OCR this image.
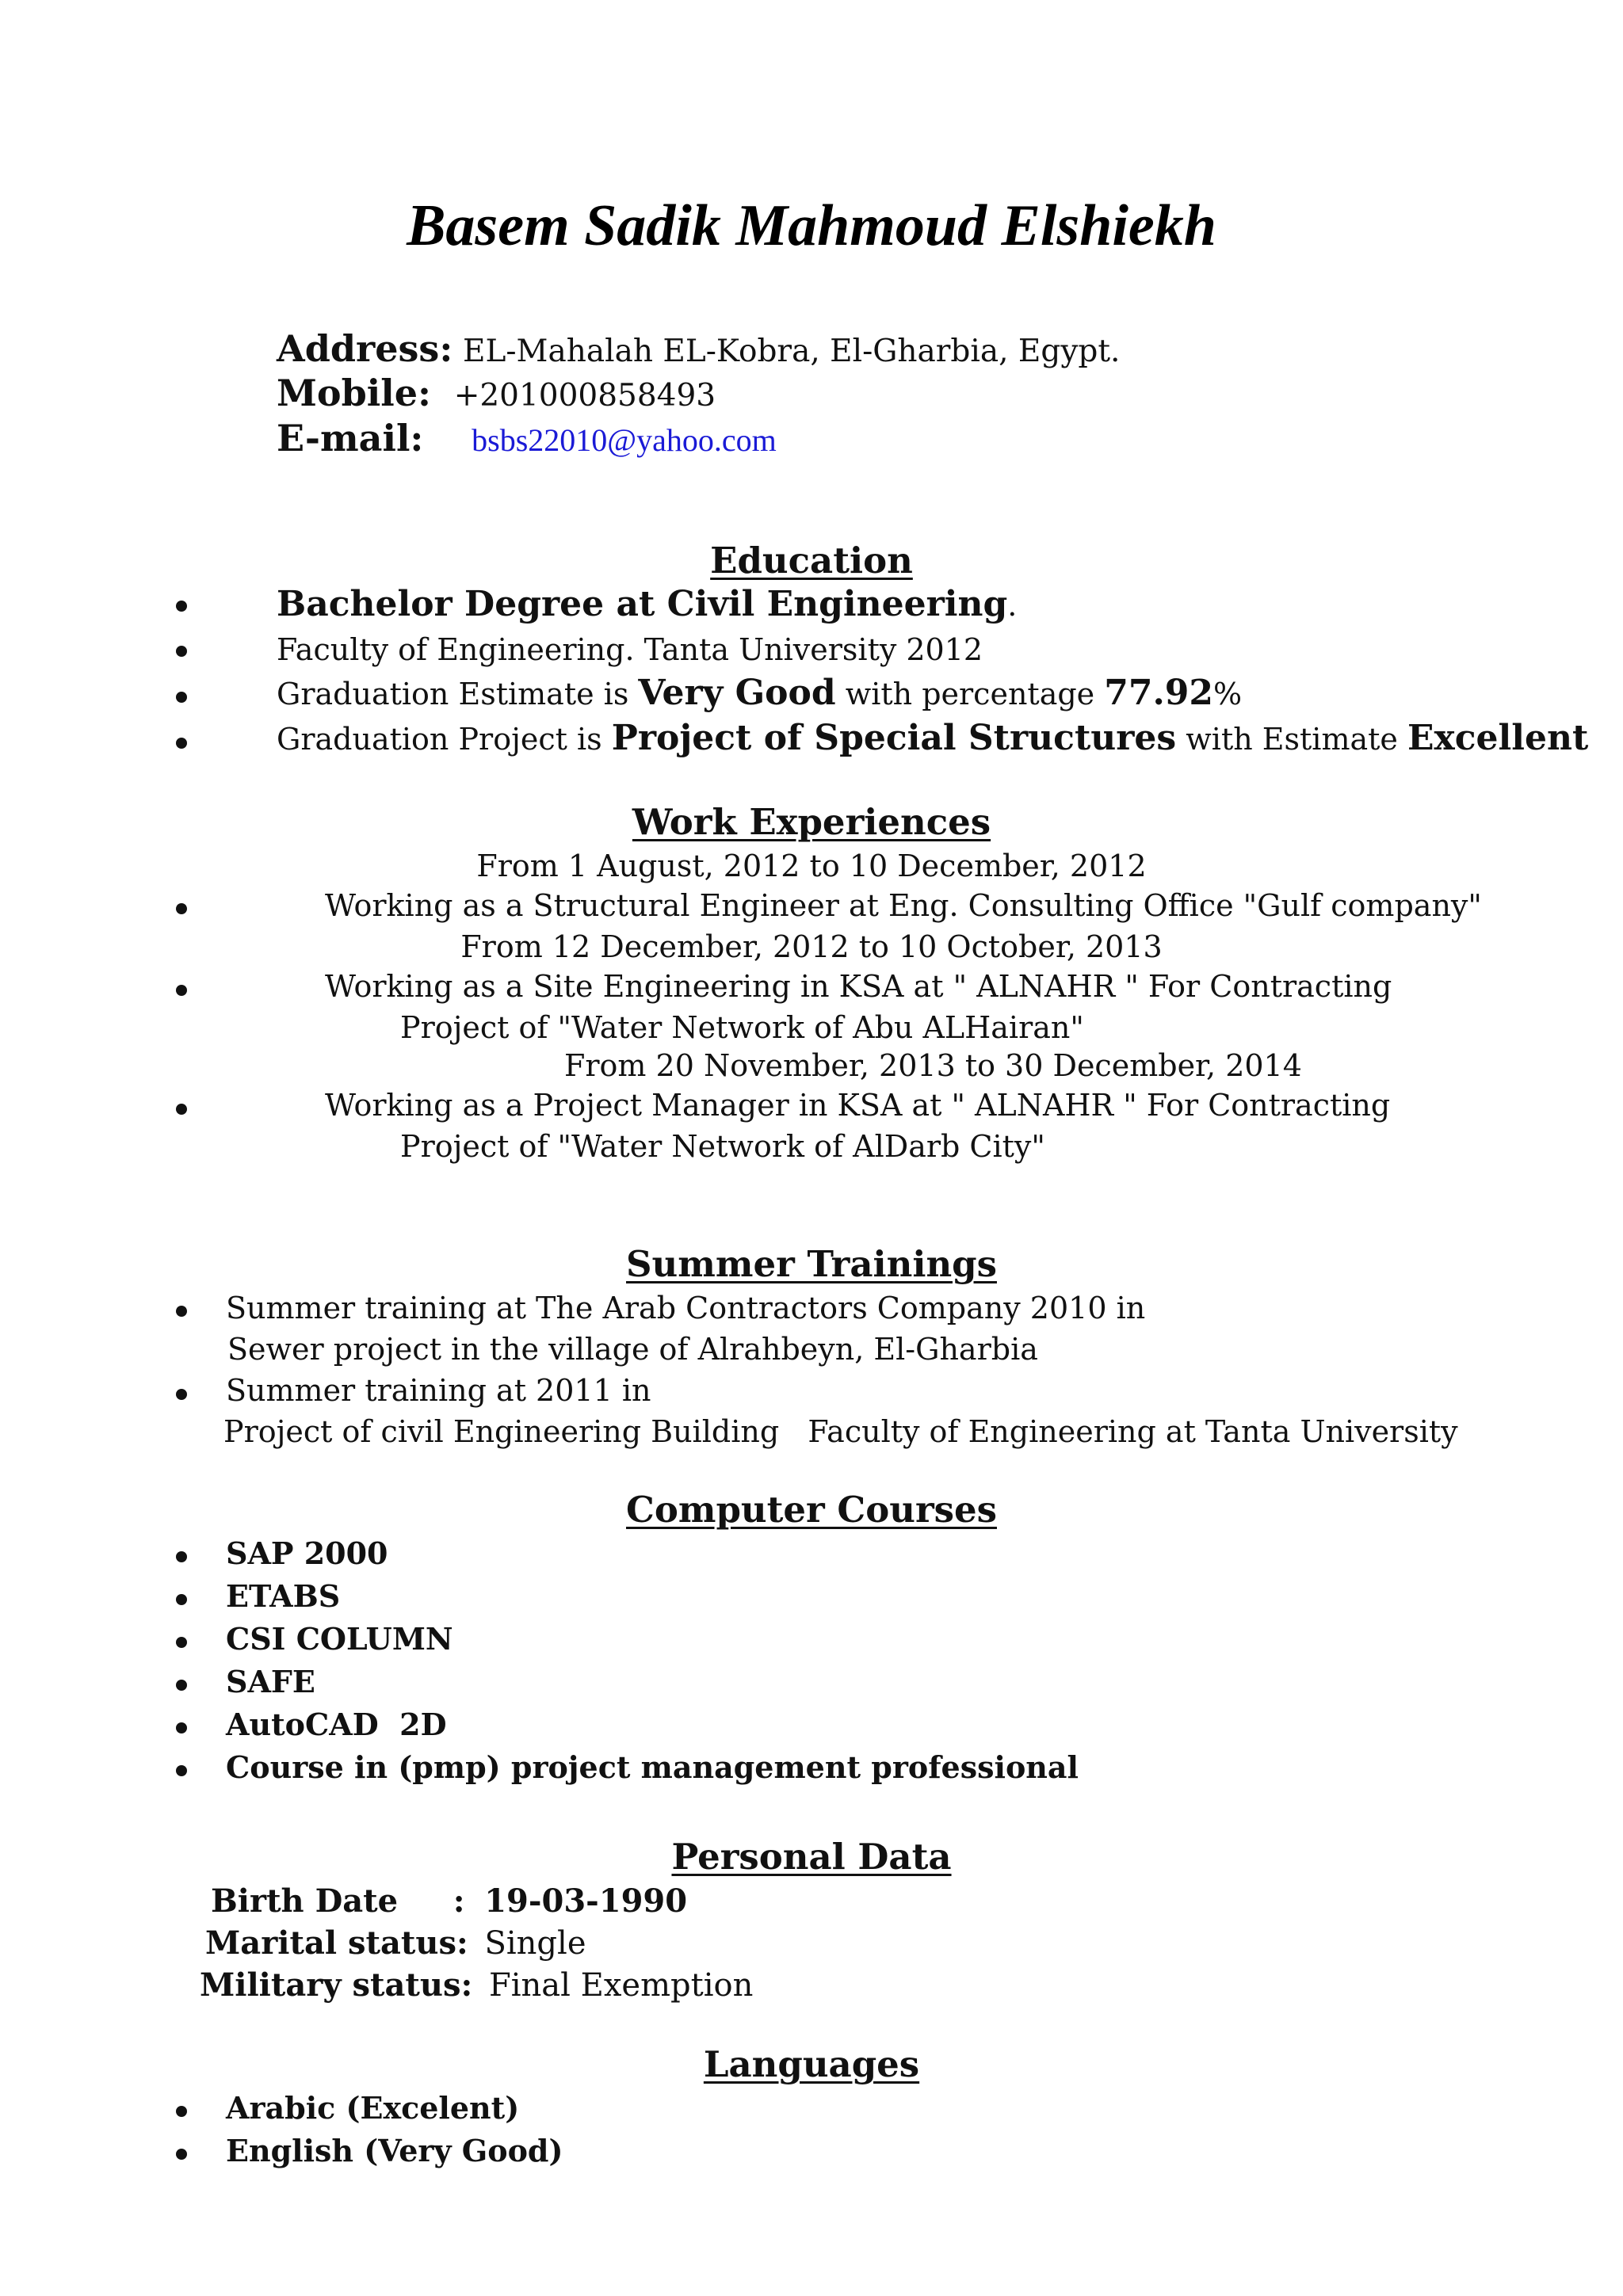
Basem Sadik Mahmoud Elshiekh
Address: EL-Mahalah EL-Kobra, El-Gharbia, Egypt.
Mobile: +201000858493
E-mail: bsbs22010@yahoo.com
Education
Bachelor Degree at Civil Engineering.
Faculty of Engineering. Tanta University 2012
Graduation Estimate is Very Good with percentage 77.92%
Graduation Project is Project of Special Structures with Estimate Excellent
Work Experiences
From 1 August, 2012 to 10 December, 2012
Working as a Structural Engineer at Eng. Consulting Office "Gulf company"
From 12 December, 2012 to 10 October, 2013
Working as a Site Engineering in KSA at " ALNAHR " For Contracting
Project of "Water Network of Abu ALHairan"
From 20 November, 2013 to 30 December, 2014
Working as a Project Manager in KSA at " ALNAHR " For Contracting
Project of "Water Network of AlDarb City"
Summer Trainings
Summer training at The Arab Contractors Company 2010 in
Sewer project in the village of Alrahbeyn, El-Gharbia
Summer training at 2011 in
Project of civil Engineering Building   Faculty of Engineering at Tanta University
Computer Courses
SAP 2000
ETABS
CSI COLUMN
SAFE
AutoCAD  2D
Course in (pmp) project management professional
Personal Data
Birth Date     : 19-03-1990
Marital status: Single
Military status: Final Exemption
Languages
Arabic (Excelent)
English (Very Good)
